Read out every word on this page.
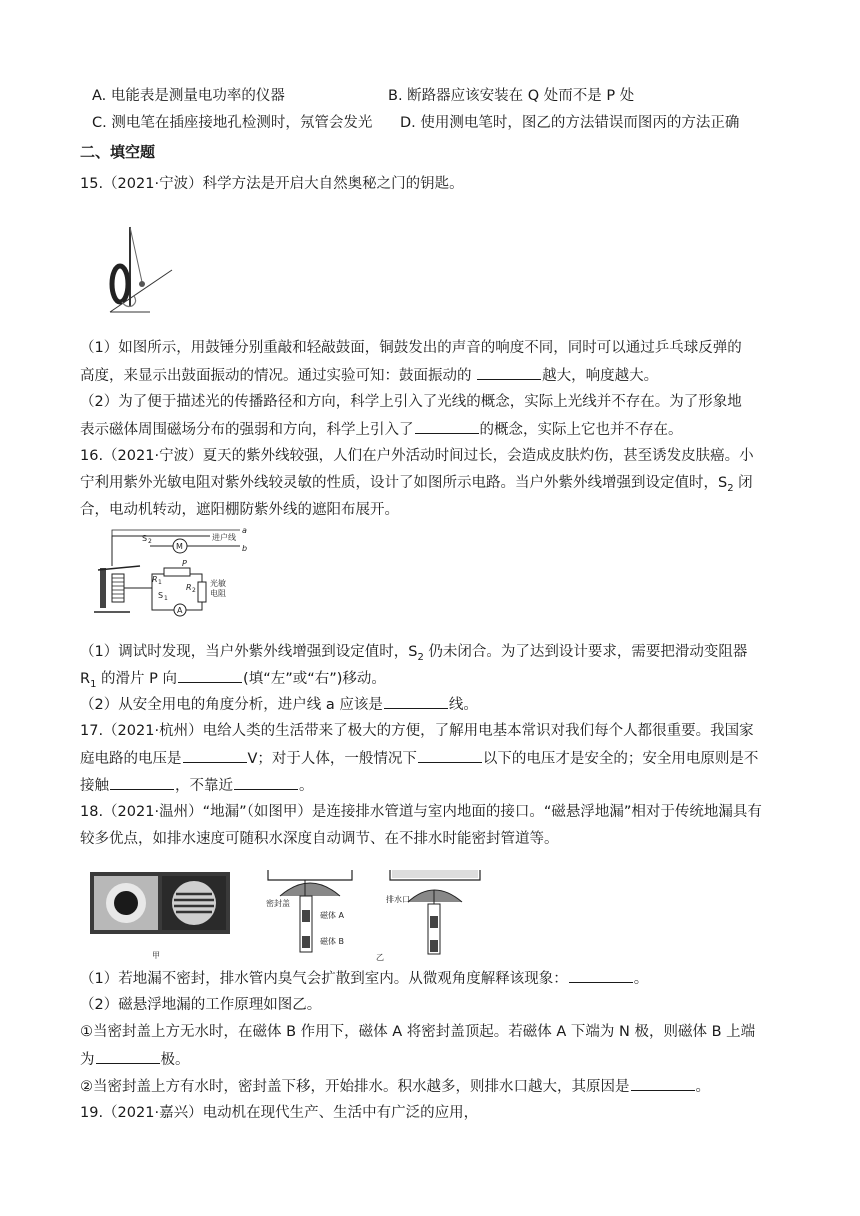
A. 电能表是测量电功率的仪器	B. 断路器应该安装在 Q 处而不是 P 处
C. 测电笔在插座接地孔检测时，氖管会发光 D. 使用测电笔时，图乙的方法错误而图丙的方法正确
二、填空题
15.（2021·宁波）科学方法是开启大自然奥秘之门的钥匙。
（1）如图所示，用鼓锤分别重敲和轻敲鼓面，铜鼓发出的声音的响度不同，同时可以通过乒乓球反弹的
高度，来显示出鼓面振动的情况。通过实验可知：鼓面振动的	越大，响度越大。
（2）为了便于描述光的传播路径和方向，科学上引入了光线的概念，实际上光线并不存在。为了形象地
表示磁体周围磁场分布的强弱和方向，科学上引入了	的概念，实际上它也并不存在。
16.（2021·宁波）夏天的紫外线较强，人们在户外活动时间过长，会造成皮肤灼伤，甚至诱发皮肤癌。小
宁利用紫外光敏电阻对紫外线较灵敏的性质，设计了如图所示电路。当户外紫外线增强到设定值时，$S_2$ 闭
合，电动机转动，遮阳棚防紫外线的遮阳布展开。
M
S 2
a
b
进户线
P
R 1
S 1
R 2
光敏
电阻
A
（1）调试时发现，当户外紫外线增强到设定值时，$S_2$ 仍未闭合。为了达到设计要求，需要把滑动变阻器
$R_1$ 的滑片 P 向	(填“左”或“右”)移动。
（2）从安全用电的角度分析，进户线 a 应该是	线。
17.（2021·杭州）电给人类的生活带来了极大的方便，了解用电基本常识对我们每个人都很重要。我国家
庭电路的电压是	V；对于人体，一般情况下	以下的电压才是安全的；安全用电原则是不
接触	，不靠近	。
18.（2021·温州）“地漏”（如图甲）是连接排水管道与室内地面的接口。“磁悬浮地漏”相对于传统地漏具有
较多优点，如排水速度可随积水深度自动调节、在不排水时能密封管道等。
甲
密封盖
磁体 A
磁体 B
乙
排水口
（1）若地漏不密封，排水管内臭气会扩散到室内。从微观角度解释该现象：	。
（2）磁悬浮地漏的工作原理如图乙。
①当密封盖上方无水时，在磁体 B 作用下，磁体 A 将密封盖顶起。若磁体 A 下端为 N 极，则磁体 B 上端
为	极。
②当密封盖上方有水时，密封盖下移，开始排水。积水越多，则排水口越大，其原因是	。
19.（2021·嘉兴）电动机在现代生产、生活中有广泛的应用，
